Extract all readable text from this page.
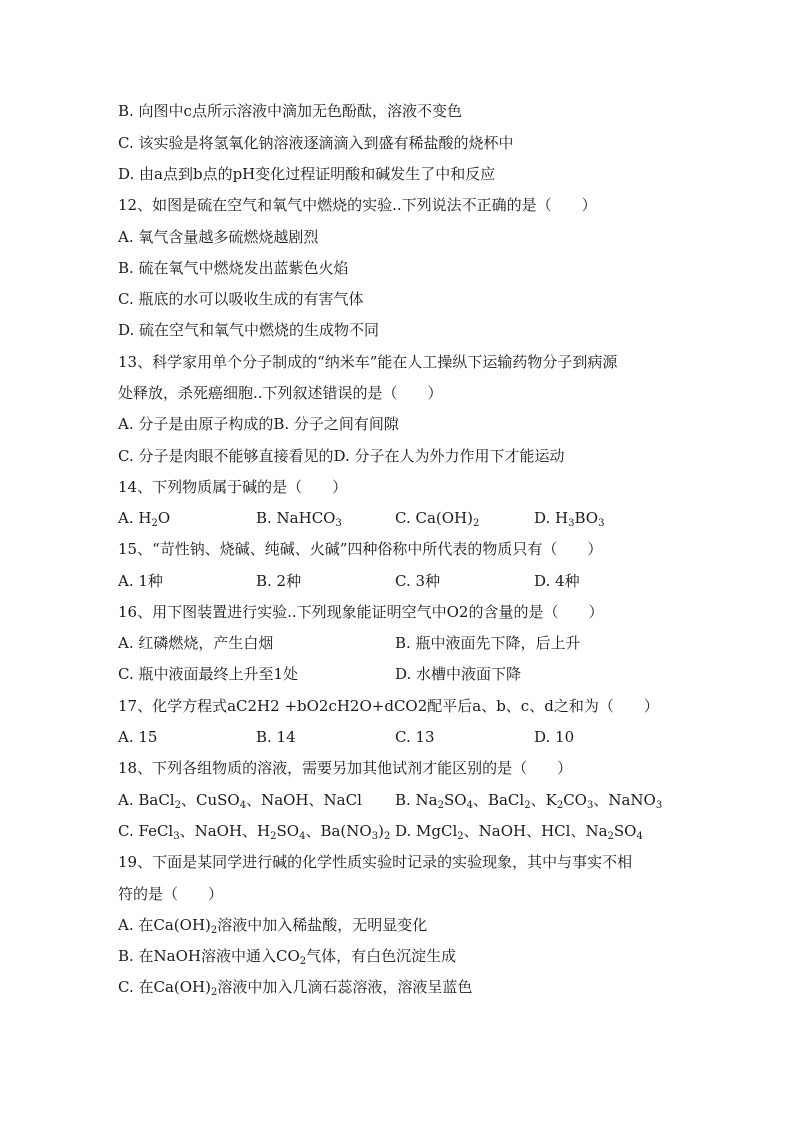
B. 向图中c点所示溶液中滴加无色酚酞，溶液不变色
C. 该实验是将氢氧化钠溶液逐滴滴入到盛有稀盐酸的烧杯中
D. 由a点到b点的pH变化过程证明酸和碱发生了中和反应
12、如图是硫在空气和氧气中燃烧的实验..下列说法不正确的是（　　）
A. 氧气含量越多硫燃烧越剧烈
B. 硫在氧气中燃烧发出蓝紫色火焰
C. 瓶底的水可以吸收生成的有害气体
D. 硫在空气和氧气中燃烧的生成物不同
13、科学家用单个分子制成的“纳米车”能在人工操纵下运输药物分子到病源
处释放，杀死癌细胞..下列叙述错误的是（　　）
A. 分子是由原子构成的B. 分子之间有间隙
C. 分子是肉眼不能够直接看见的D. 分子在人为外力作用下才能运动
14、下列物质属于碱的是（　　）
A. $H_2O$	B. NaHCO$_3$	C. $Ca(OH)_2$	D. $H_3BO_3$
15、“苛性钠、烧碱、纯碱、火碱”四种俗称中所代表的物质只有（　　）
A. 1种	B. 2种	C. 3种	D. 4种
16、用下图装置进行实验..下列现象能证明空气中O2的含量的是（　　）
A. 红磷燃烧，产生白烟	B. 瓶中液面先下降，后上升
C. 瓶中液面最终上升至1处	D. 水槽中液面下降
17、化学方程式aC2H2 +bO2cH2O+dCO2配平后a、b、c、d之和为（　　）
A. 15	B. 14	C. 13	D. 10
18、下列各组物质的溶液，需要另加其他试剂才能区别的是（　　）
A. BaCl$_2$、CuSO$_4$、NaOH、NaCl B. $Na_2SO_4$、BaCl$_2$、$K_2CO_3$、NaNO$_3$
C. FeCl$_3$、NaOH、$H_2SO_4$、$Ba(NO_3)_2$ D. MgCl$_2$、NaOH、HCl、$Na_2SO_4$
19、下面是某同学进行碱的化学性质实验时记录的实验现象，其中与事实不相
符的是（　　）
A. 在$Ca(OH)_2$溶液中加入稀盐酸，无明显变化
B. 在NaOH溶液中通入$CO_2$气体，有白色沉淀生成
C. 在$Ca(OH)_2$溶液中加入几滴石蕊溶液，溶液呈蓝色
